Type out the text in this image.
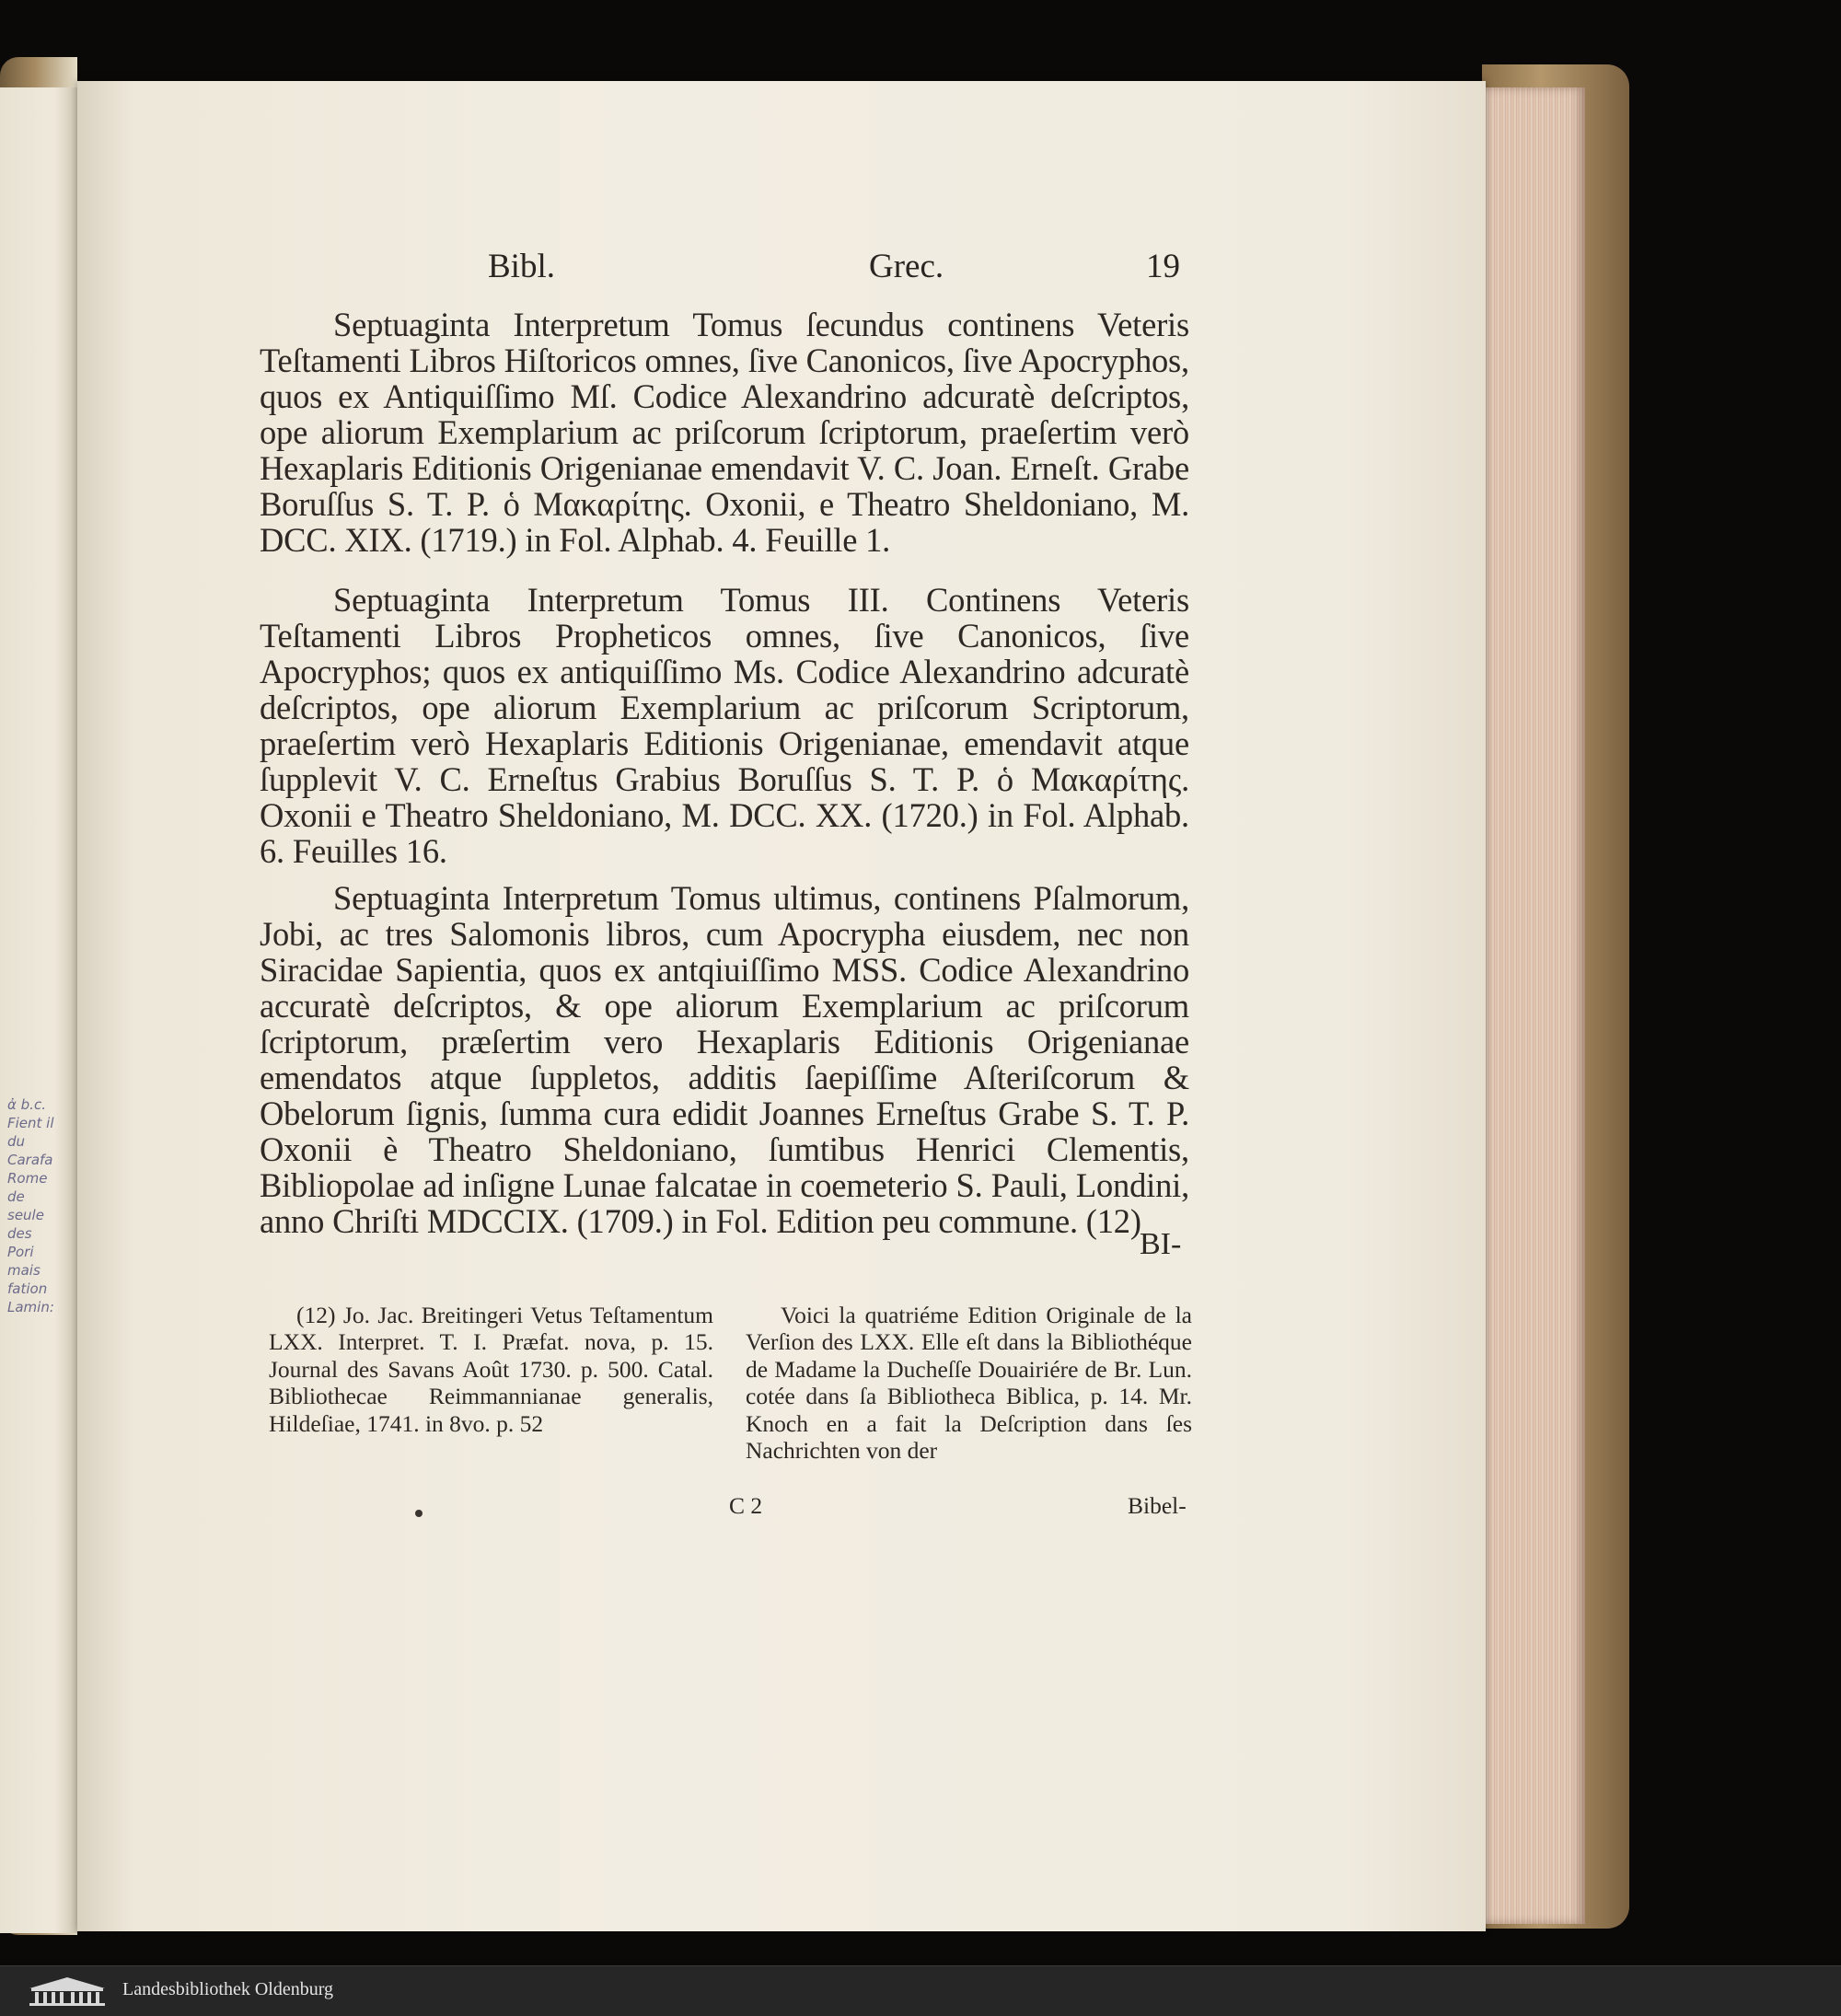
ἀ b.c. Fient il du Carafa Rome de seule des Pori mais fation Lamin:
Bibl.	Grec.	19
Septuaginta Interpretum Tomus ſecundus continens Veteris Teſtamenti Libros Hiſtoricos omnes, ſive Canonicos, ſive Apocryphos, quos ex Antiquiſſimo Mſ. Codice Alexandrino adcuratè deſcriptos, ope aliorum Exemplarium ac priſcorum ſcriptorum, praeſertim verò Hexaplaris Editionis Origenianae emendavit V. C. Joan. Erneſt. Grabe Boruſſus S. T. P. ὁ Μακαρίτης. Oxonii, e Theatro Sheldoniano, M. DCC. XIX. (1719.) in Fol. Alphab. 4. Feuille 1.
Septuaginta Interpretum Tomus III. Continens Veteris Teſtamenti Libros Propheticos omnes, ſive Canonicos, ſive Apocryphos; quos ex antiquiſſimo Ms. Codice Alexandrino adcuratè deſcriptos, ope aliorum Exemplarium ac priſcorum Scriptorum, praeſertim verò Hexaplaris Editionis Origenianae, emendavit atque ſupplevit V. C. Erneſtus Grabius Boruſſus S. T. P. ὁ Μακαρίτης. Oxonii e Theatro Sheldoniano, M. DCC. XX. (1720.) in Fol. Alphab. 6. Feuilles 16.
Septuaginta Interpretum Tomus ultimus, continens Pſalmorum, Jobi, ac tres Salomonis libros, cum Apocrypha eiusdem, nec non Siracidae Sapientia, quos ex antqiuiſſimo MSS. Codice Alexandrino accuratè deſcriptos, & ope aliorum Exemplarium ac priſcorum ſcriptorum, præſertim vero Hexaplaris Editionis Origenianae emendatos atque ſuppletos, additis ſaepiſſime Aſteriſcorum & Obelorum ſignis, ſumma cura edidit Joannes Erneſtus Grabe S. T. P. Oxonii è Theatro Sheldoniano, ſumtibus Henrici Clementis, Bibliopolae ad inſigne Lunae falcatae in coemeterio S. Pauli, Londini, anno Chriſti MDCCIX. (1709.) in Fol. Edition peu commune. (12)
BI-
(12) Jo. Jac. Breitingeri Vetus Teſtamentum LXX. Interpret. T. I. Præfat. nova, p. 15. Journal des Savans Août 1730. p. 500. Catal. Bibliothecae Reimmannianae generalis, Hildeſiae, 1741. in 8vo. p. 52
Voici la quatriéme Edition Originale de la Verſion des LXX. Elle eſt dans la Bibliothéque de Madame la Ducheſſe Douairiére de Br. Lun. cotée dans ſa Bibliotheca Biblica, p. 14. Mr. Knoch en a fait la Deſcription dans ſes Nachrichten von der
C 2	Bibel-
Landesbibliothek Oldenburg
